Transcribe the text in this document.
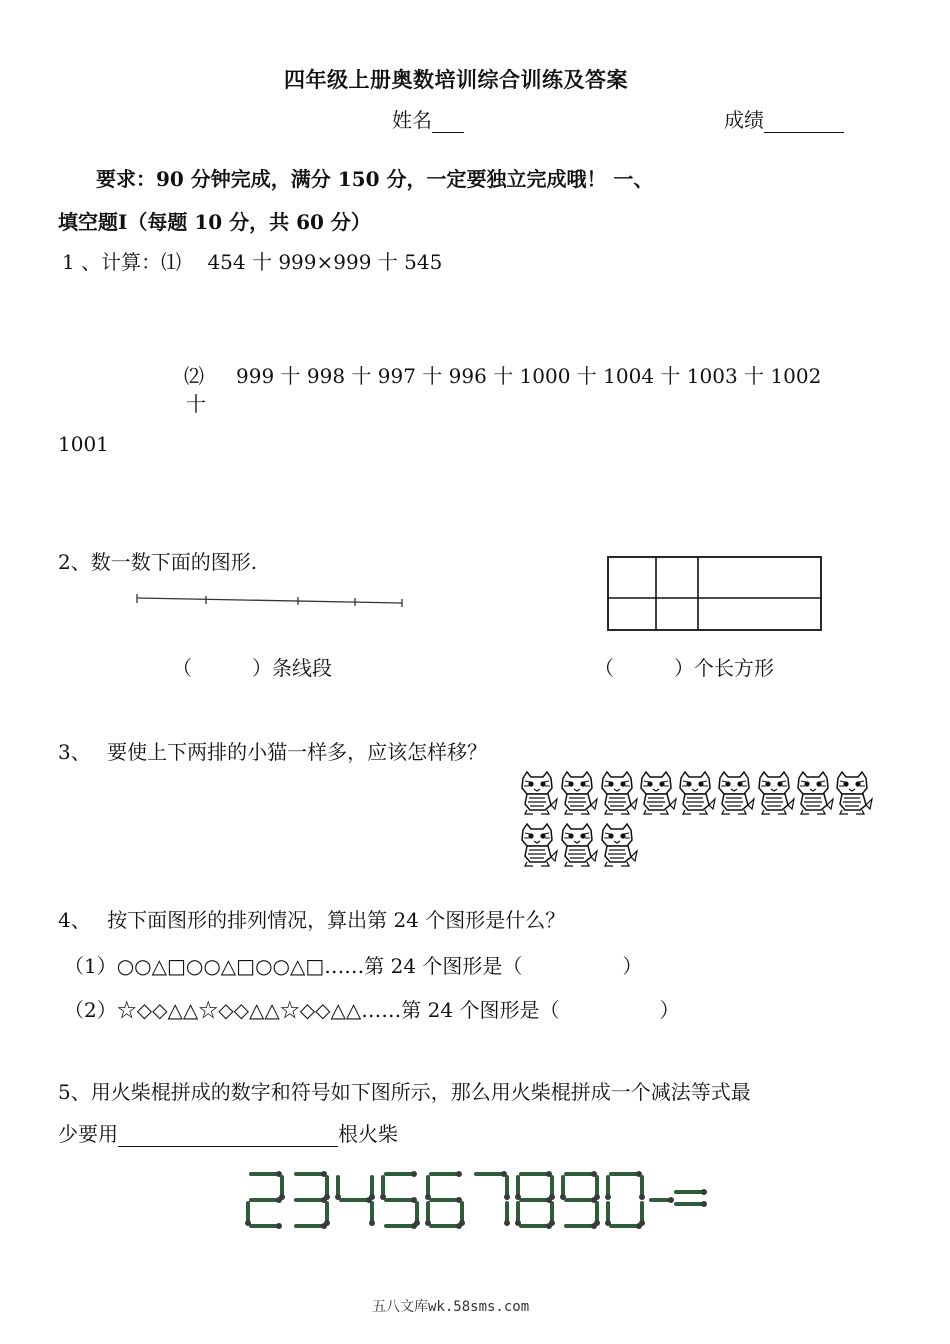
四年级上册奥数培训综合训练及答案
姓名	成绩
要求：90 分钟完成，满分 150 分，一定要独立完成哦！ 一、
填空题Ⅰ（每题 10 分，共 60 分）
1 、计算：⑴　 454 十 999×999 十 545
⑵ 999 十 998 十 997 十 996 十 1000 十 1004 十 1003 十 1002
十
1001
2、数一数下面的图形.
（　　　）条线段	（　　　）个长方形
3、　 要使上下两排的小猫一样多，应该怎样移？
4、　 按下面图形的排列情况，算出第 24 个图形是什么？
（1）○○△□○○△□○○△□……第 24 个图形是（　　　　　）
（2）☆◇◇△△☆◇◇△△☆◇◇△△……第 24 个图形是（　　　　　）
5、用火柴棍拼成的数字和符号如下图所示，那么用火柴棍拼成一个减法等式最
少要用	根火柴
五八文库wk.58sms.com
